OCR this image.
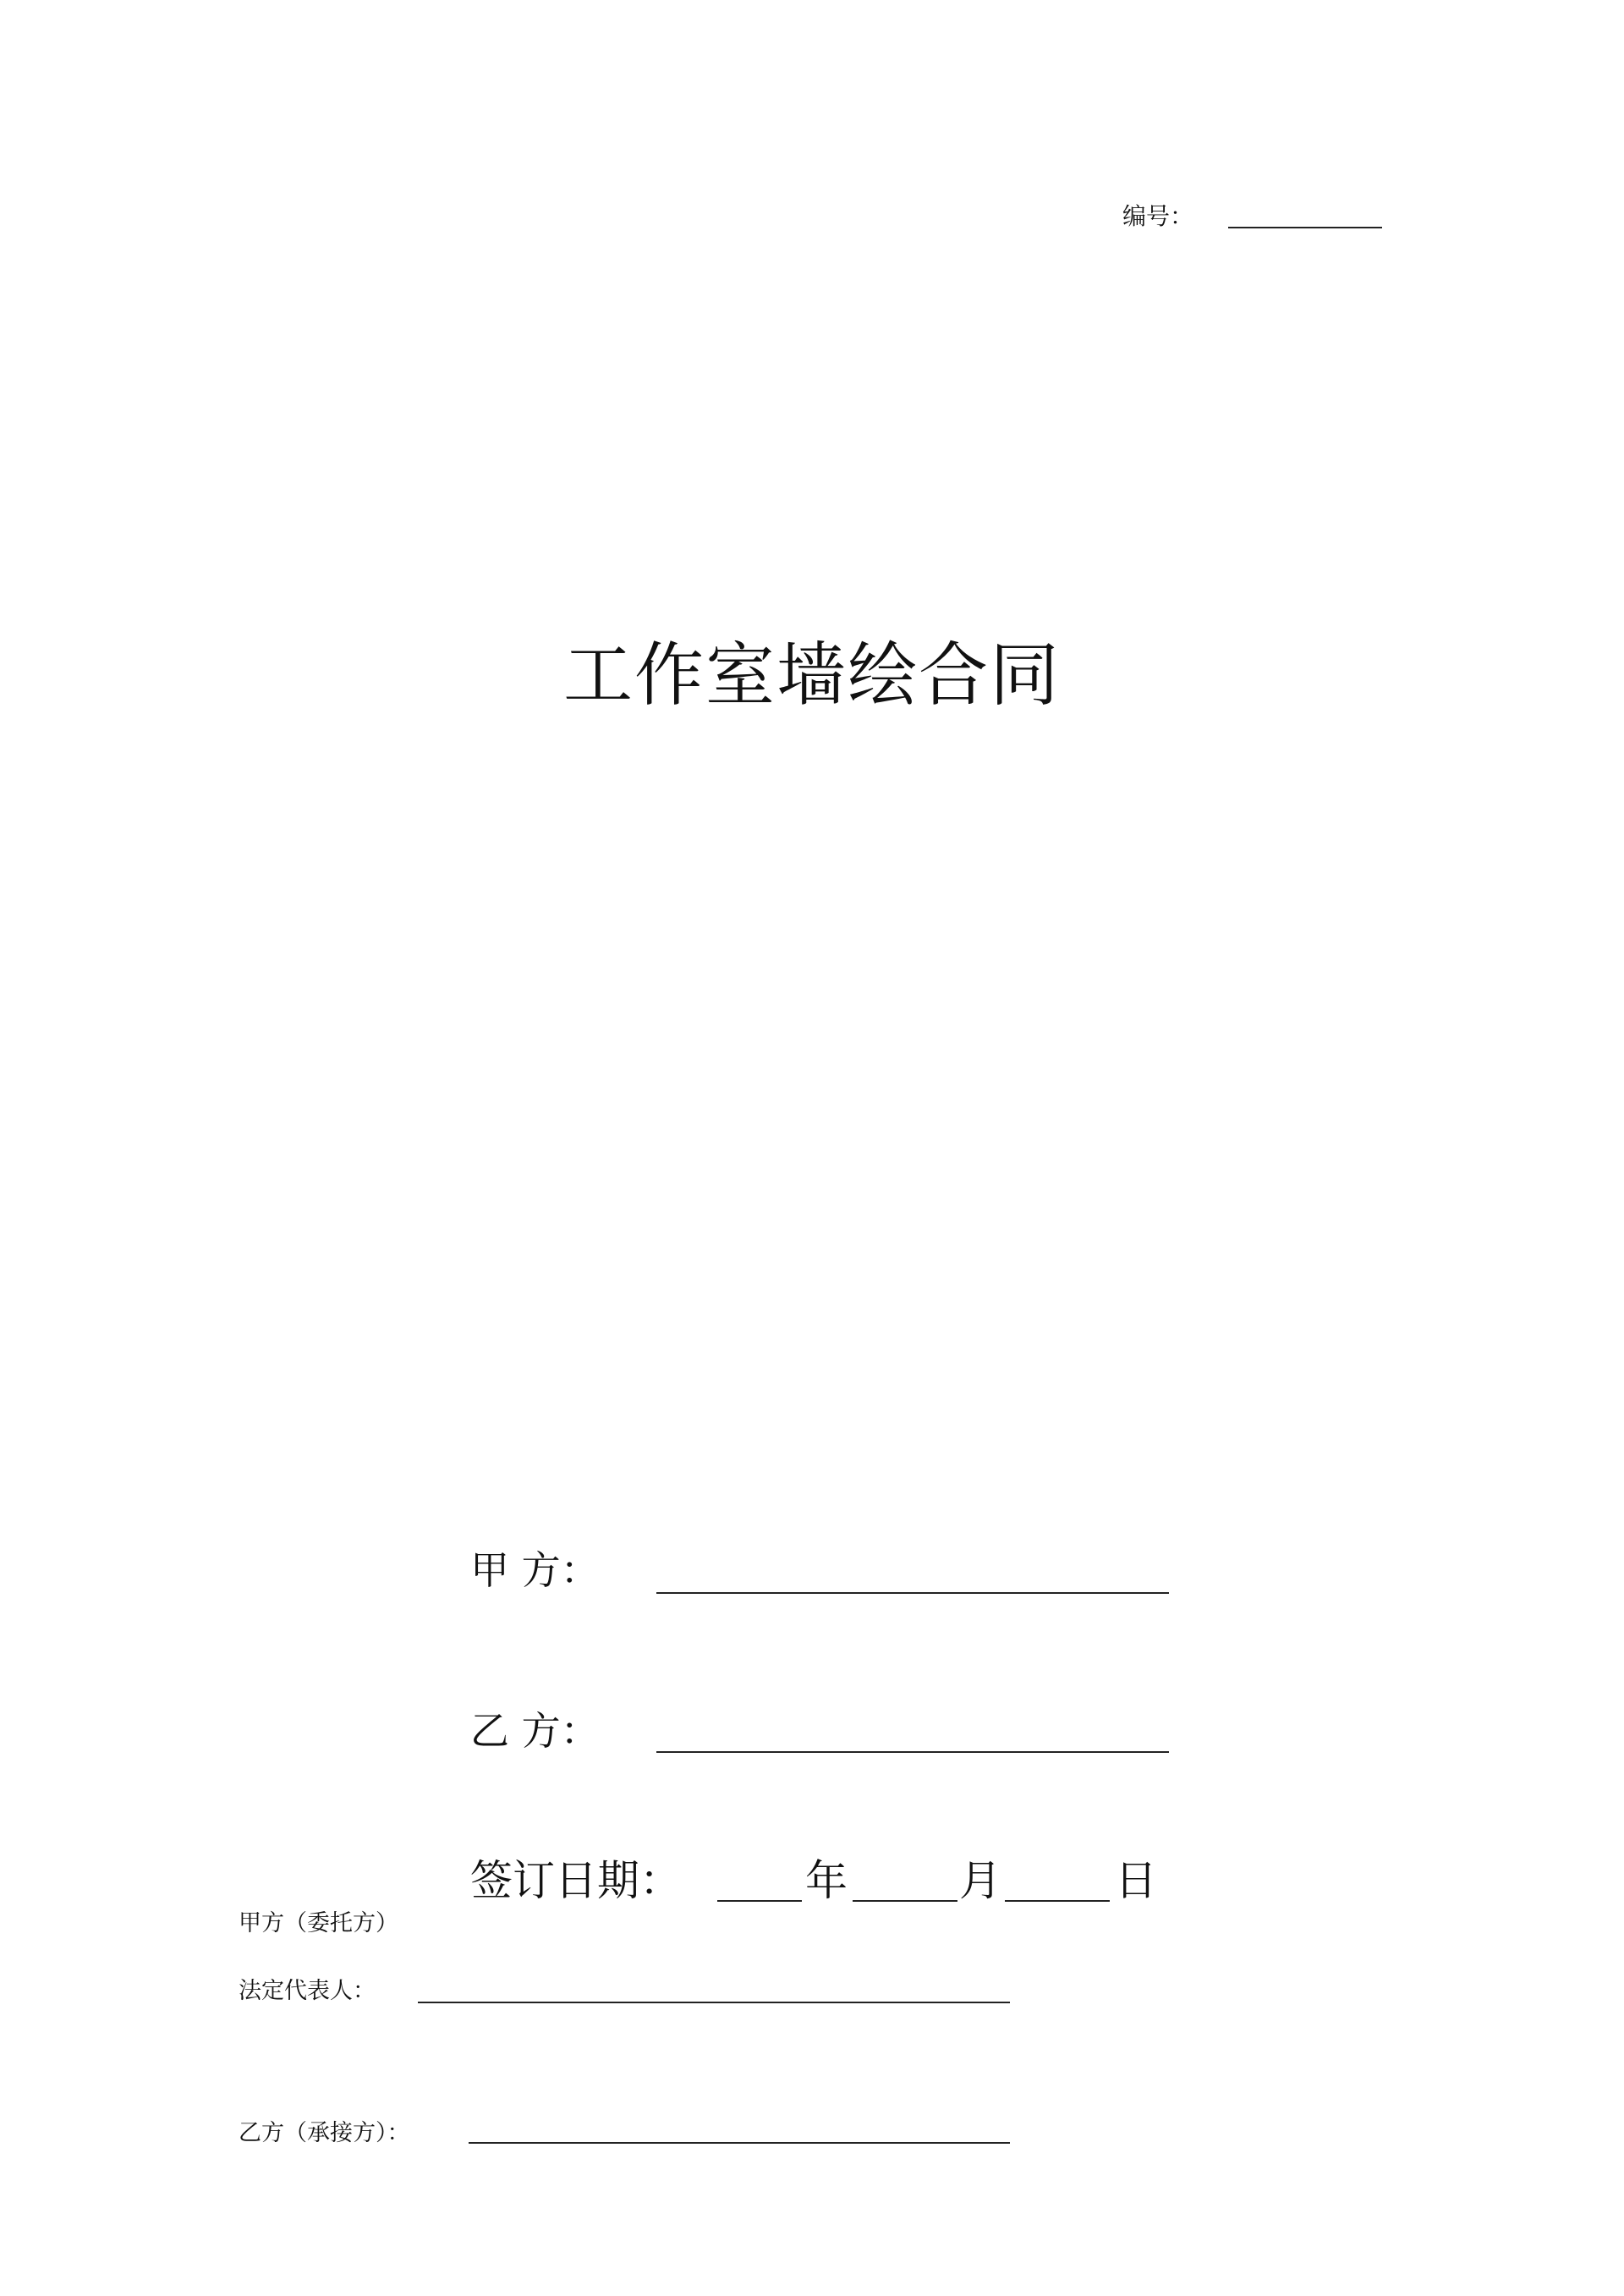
编号：
工作室墙绘合同
甲 方：
乙 方：
签订日期：	年	月	日
甲方（委托方）
法定代表人：
乙方（承接方）：
